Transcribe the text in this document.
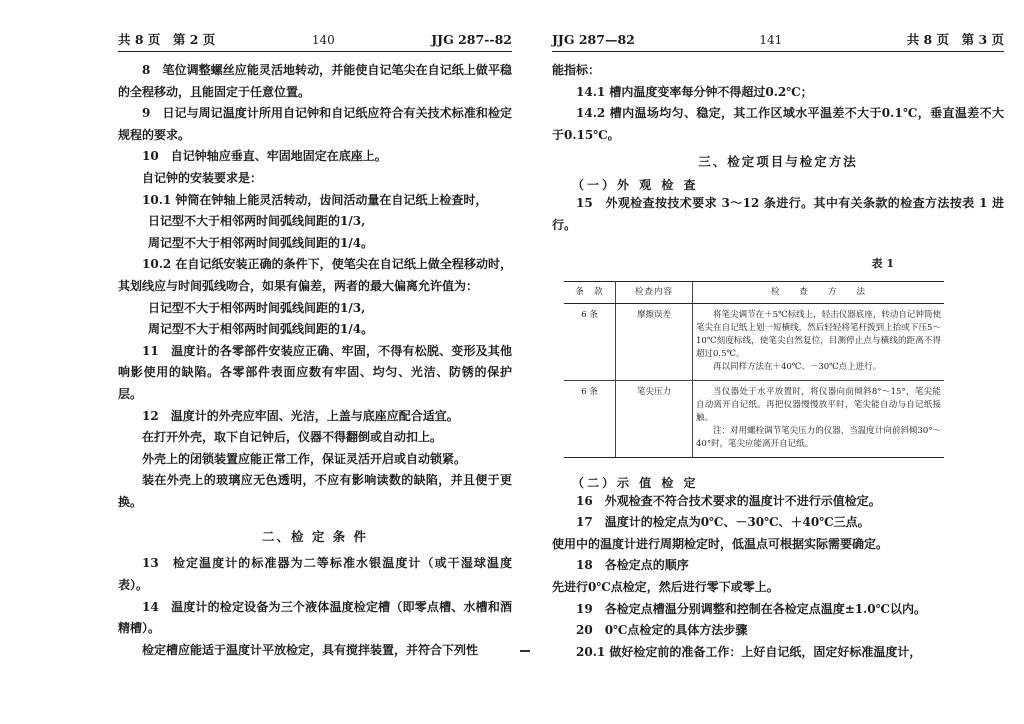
共 8 页　第 2 页	140	JJG 287--82

8　笔位调整螺丝应能灵活地转动，并能使自记笔尖在自记纸上做平稳的全程移动，且能固定于任意位置。

9　日记与周记温度计所用自记钟和自记纸应符合有关技术标准和检定规程的要求。

10　自记钟轴应垂直、牢固地固定在底座上。

自记钟的安装要求是：

10.1 钟筒在钟轴上能灵活转动，齿间活动量在自记纸上检查时，

日记型不大于相邻两时间弧线间距的1/3,

周记型不大于相邻两时间弧线间距的1/4。

10.2 在自记纸安装正确的条件下，使笔尖在自记纸上做全程移动时，其划线应与时间弧线吻合，如果有偏差，两者的最大偏离允许值为：

日记型不大于相邻两时间弧线间距的1/3,

周记型不大于相邻两时间弧线间距的1/4。

11　温度计的各零部件安装应正确、牢固，不得有松脱、变形及其他响影使用的缺陷。各零部件表面应数有牢固、均匀、光洁、防锈的保护层。

12　温度计的外壳应牢固、光洁，上盖与底座应配合适宜。

在打开外壳，取下自记钟后，仪器不得翻倒或自动扣上。

外壳上的闭锁装置应能正常工作，保证灵活开启或自动锁紧。

装在外壳上的玻璃应无色透明，不应有影响读数的缺陷，并且便于更换。

二、检 定 条 件

13　检定温度计的标准器为二等标准水银温度计（或干湿球温度表）。

14　温度计的检定设备为三个液体温度检定槽（即零点槽、水槽和酒精槽）。

检定槽应能适于温度计平放检定，具有搅拌装置，并符合下列性

JJG 287—82	141	共 8 页　第 3 页

能指标：

14.1 槽内温度变率每分钟不得超过0.2℃；

14.2 槽内温场均匀、稳定，其工作区域水平温差不大于0.1℃，垂直温差不大于0.15℃。

三、检定项目与检定方法
（一）外 观 检 查

15　外观检查按技术要求 3～12 条进行。其中有关条款的检查方法按表 1 进行。

表 1
条　款	检查内容	检　　查　　方　　法
6 条	摩擦误差	将笔尖调节在＋5℃标线上，轻击仪器底座，转动自记钟筒使笔尖在自记纸上划一短横线，然后轻轻将笔杆拨到上抬或下压5～10℃刻度标线，使笔尖自然复位，目测停止点与横线的距离不得超过0.5℃。
再以同样方法在＋40℃、－30℃点上进行。

6 条	笔尖压力	当仪器处于水平放置时，将仪器向前倾斜8°～15°，笔尖能自动离开自记纸。再把仪器慢慢放平时，笔尖能自动与自记纸接触。
注：对用螺栓调节笔尖压力的仪器，当温度计向前斜倾30°～40°时，笔尖应能离开自记纸。
（二）示 值 检 定

16　外观检查不符合技术要求的温度计不进行示值检定。

17　温度计的检定点为0℃、－30℃、＋40℃三点。

使用中的温度计进行周期检定时，低温点可根据实际需要确定。

18　各检定点的顺序

先进行0℃点检定，然后进行零下或零上。

19　各检定点槽温分别调整和控制在各检定点温度±1.0℃以内。

20　0℃点检定的具体方法步骤

20.1 做好检定前的准备工作：上好自记纸，固定好标准温度计，
